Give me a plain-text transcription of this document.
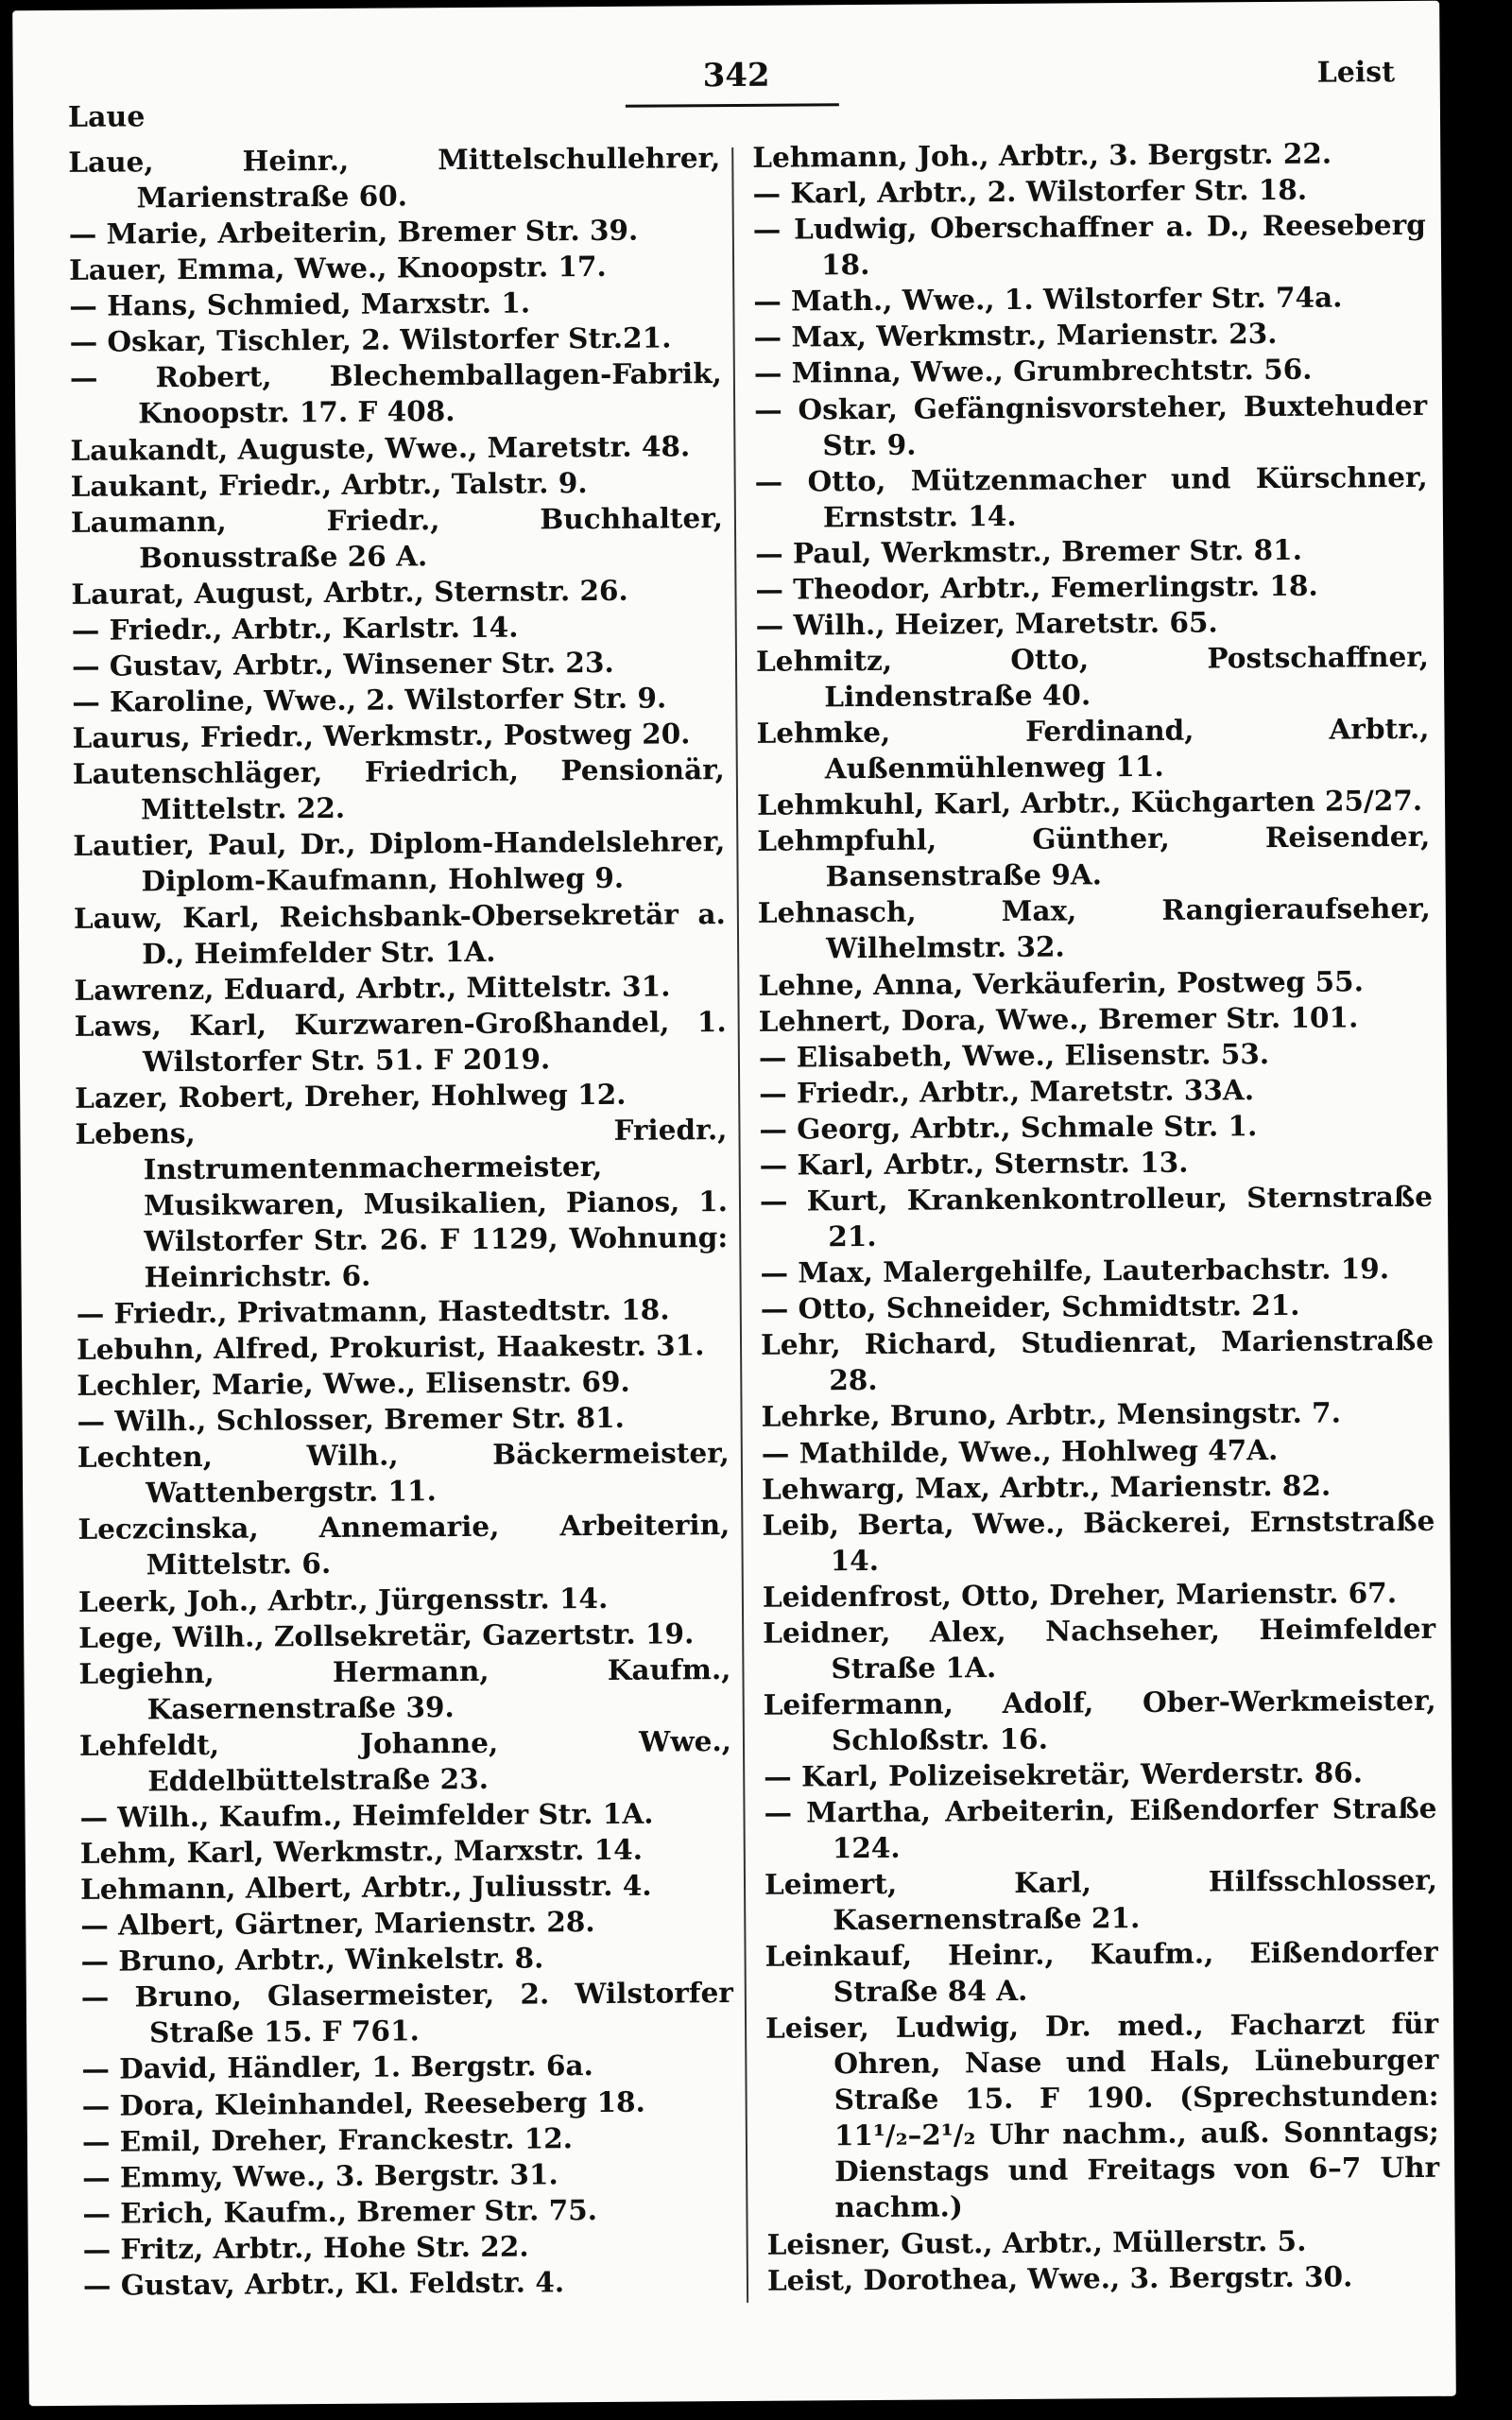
Laue
342	Leist
Laue, Heinr., Mittelschullehrer, Marienstraße 60.
— Marie, Arbeiterin, Bremer Str. 39.
Lauer, Emma, Wwe., Knoopstr. 17.
— Hans, Schmied, Marxstr. 1.
— Oskar, Tischler, 2. Wilstorfer Str.21.
— Robert, Blechemballagen-Fabrik, Knoopstr. 17. F 408.
Laukandt, Auguste, Wwe., Maretstr. 48.
Laukant, Friedr., Arbtr., Talstr. 9.
Laumann, Friedr., Buchhalter, Bonusstraße 26 A.
Laurat, August, Arbtr., Sternstr. 26.
— Friedr., Arbtr., Karlstr. 14.
— Gustav, Arbtr., Winsener Str. 23.
— Karoline, Wwe., 2. Wilstorfer Str. 9.
Laurus, Friedr., Werkmstr., Postweg 20.
Lautenschläger, Friedrich, Pensionär, Mittelstr. 22.
Lautier, Paul, Dr., Diplom-Handelslehrer, Diplom-Kaufmann, Hohlweg 9.
Lauw, Karl, Reichsbank-Obersekretär a. D., Heimfelder Str. 1A.
Lawrenz, Eduard, Arbtr., Mittelstr. 31.
Laws, Karl, Kurzwaren-Großhandel, 1. Wilstorfer Str. 51. F 2019.
Lazer, Robert, Dreher, Hohlweg 12.
Lebens, Friedr., Instrumentenmachermeister, Musikwaren, Musikalien, Pianos, 1. Wilstorfer Str. 26. F 1129, Wohnung: Heinrichstr. 6.
— Friedr., Privatmann, Hastedtstr. 18.
Lebuhn, Alfred, Prokurist, Haakestr. 31.
Lechler, Marie, Wwe., Elisenstr. 69.
— Wilh., Schlosser, Bremer Str. 81.
Lechten, Wilh., Bäckermeister, Wattenbergstr. 11.
Leczcinska, Annemarie, Arbeiterin, Mittelstr. 6.
Leerk, Joh., Arbtr., Jürgensstr. 14.
Lege, Wilh., Zollsekretär, Gazertstr. 19.
Legiehn, Hermann, Kaufm., Kasernenstraße 39.
Lehfeldt, Johanne, Wwe., Eddelbüttelstraße 23.
— Wilh., Kaufm., Heimfelder Str. 1A.
Lehm, Karl, Werkmstr., Marxstr. 14.
Lehmann, Albert, Arbtr., Juliusstr. 4.
— Albert, Gärtner, Marienstr. 28.
— Bruno, Arbtr., Winkelstr. 8.
— Bruno, Glasermeister, 2. Wilstorfer Straße 15. F 761.
— David, Händler, 1. Bergstr. 6a.
— Dora, Kleinhandel, Reeseberg 18.
— Emil, Dreher, Franckestr. 12.
— Emmy, Wwe., 3. Bergstr. 31.
— Erich, Kaufm., Bremer Str. 75.
— Fritz, Arbtr., Hohe Str. 22.
— Gustav, Arbtr., Kl. Feldstr. 4.
Lehmann, Joh., Arbtr., 3. Bergstr. 22.
— Karl, Arbtr., 2. Wilstorfer Str. 18.
— Ludwig, Oberschaffner a. D., Reeseberg 18.
— Math., Wwe., 1. Wilstorfer Str. 74a.
— Max, Werkmstr., Marienstr. 23.
— Minna, Wwe., Grumbrechtstr. 56.
— Oskar, Gefängnisvorsteher, Buxtehuder Str. 9.
— Otto, Mützenmacher und Kürschner, Ernststr. 14.
— Paul, Werkmstr., Bremer Str. 81.
— Theodor, Arbtr., Femerlingstr. 18.
— Wilh., Heizer, Maretstr. 65.
Lehmitz, Otto, Postschaffner, Lindenstraße 40.
Lehmke, Ferdinand, Arbtr., Außenmühlenweg 11.
Lehmkuhl, Karl, Arbtr., Küchgarten 25/27.
Lehmpfuhl, Günther, Reisender, Bansenstraße 9A.
Lehnasch, Max, Rangieraufseher, Wilhelmstr. 32.
Lehne, Anna, Verkäuferin, Postweg 55.
Lehnert, Dora, Wwe., Bremer Str. 101.
— Elisabeth, Wwe., Elisenstr. 53.
— Friedr., Arbtr., Maretstr. 33A.
— Georg, Arbtr., Schmale Str. 1.
— Karl, Arbtr., Sternstr. 13.
— Kurt, Krankenkontrolleur, Sternstraße 21.
— Max, Malergehilfe, Lauterbachstr. 19.
— Otto, Schneider, Schmidtstr. 21.
Lehr, Richard, Studienrat, Marienstraße 28.
Lehrke, Bruno, Arbtr., Mensingstr. 7.
— Mathilde, Wwe., Hohlweg 47A.
Lehwarg, Max, Arbtr., Marienstr. 82.
Leib, Berta, Wwe., Bäckerei, Ernststraße 14.
Leidenfrost, Otto, Dreher, Marienstr. 67.
Leidner, Alex, Nachseher, Heimfelder Straße 1A.
Leifermann, Adolf, Ober-Werkmeister, Schloßstr. 16.
— Karl, Polizeisekretär, Werderstr. 86.
— Martha, Arbeiterin, Eißendorfer Straße 124.
Leimert, Karl, Hilfsschlosser, Kasernenstraße 21.
Leinkauf, Heinr., Kaufm., Eißendorfer Straße 84 A.
Leiser, Ludwig, Dr. med., Facharzt für Ohren, Nase und Hals, Lüneburger Straße 15. F 190. (Sprechstunden: 11¹/₂–2¹/₂ Uhr nachm., auß. Sonntags; Dienstags und Freitags von 6–7 Uhr nachm.)
Leisner, Gust., Arbtr., Müllerstr. 5.
Leist, Dorothea, Wwe., 3. Bergstr. 30.
